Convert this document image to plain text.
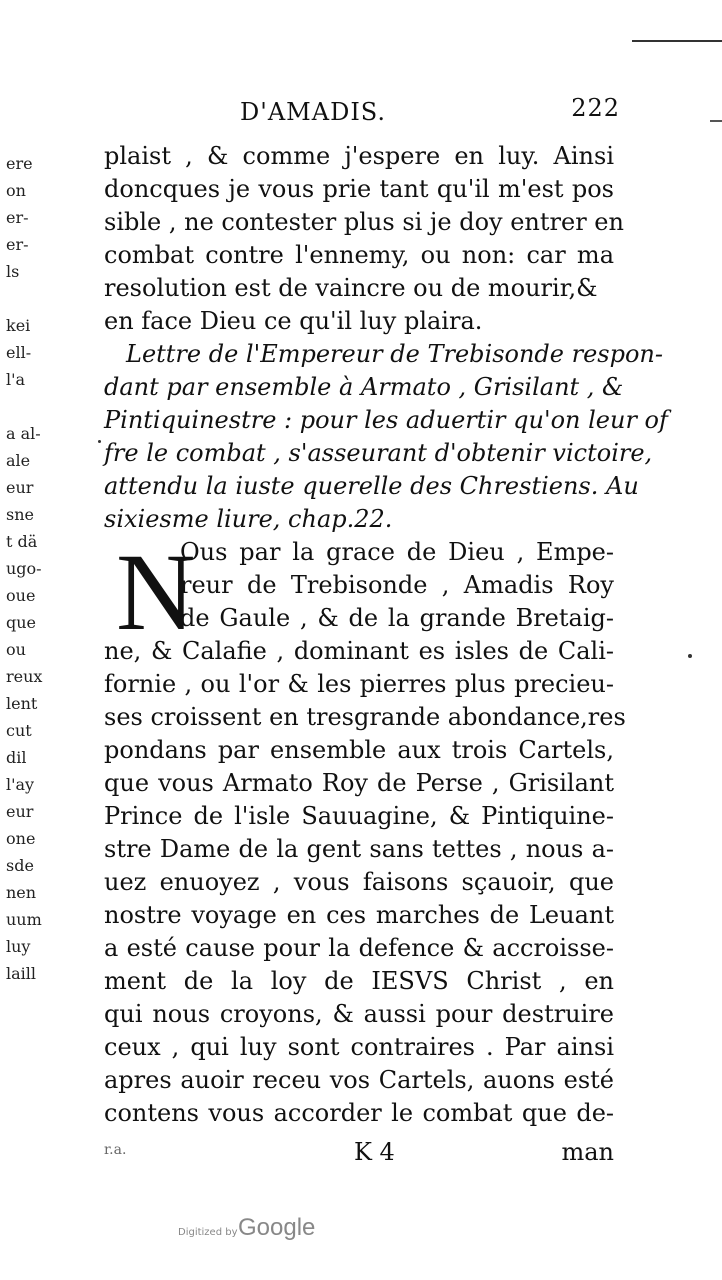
ere
on
er-
er-
ls
kei
ell-
l'a
a al-
ale
eur
sne
t dä
ugo-
oue
que
ou
reux
lent
cut
dil
l'ay
eur
one
sde
nen
uum
luy
laill
D'AMADIS.	222
plaist , & comme j'espere en luy. Ainsi
doncques je vous prie tant qu'il m'est pos
sible , ne contester plus si je doy entrer en
combat contre l'ennemy, ou non: car ma
resolution est de vaincre ou de mourir,&
en face Dieu ce qu'il luy plaira.
Lettre de l'Empereur de Trebisonde respon-
dant par ensemble à Armato , Grisilant , &
Pintiquinestre : pour les aduertir qu'on leur of
fre le combat , s'asseurant d'obtenir victoire,
attendu la iuste querelle des Chrestiens. Au
sixiesme liure, chap.22.
N
Ous par la grace de Dieu , Empe-
reur de Trebisonde , Amadis Roy
de Gaule , & de la grande Bretaig-
ne, & Calafie , dominant es isles de Cali-
fornie , ou l'or & les pierres plus precieu-
ses croissent en tresgrande abondance,res
pondans par ensemble aux trois Cartels,
que vous Armato Roy de Perse , Grisilant
Prince de l'isle Sauuagine, & Pintiquine-
stre Dame de la gent sans tettes , nous a-
uez enuoyez , vous faisons sçauoir, que
nostre voyage en ces marches de Leuant
a esté cause pour la defence & accroisse-
ment de la loy de IESVS Christ , en
qui nous croyons, & aussi pour destruire
ceux , qui luy sont contraires . Par ainsi
apres auoir receu vos Cartels, auons esté
contens vous accorder le combat que de-
r.a.	K 4	man
Digitized by Google
